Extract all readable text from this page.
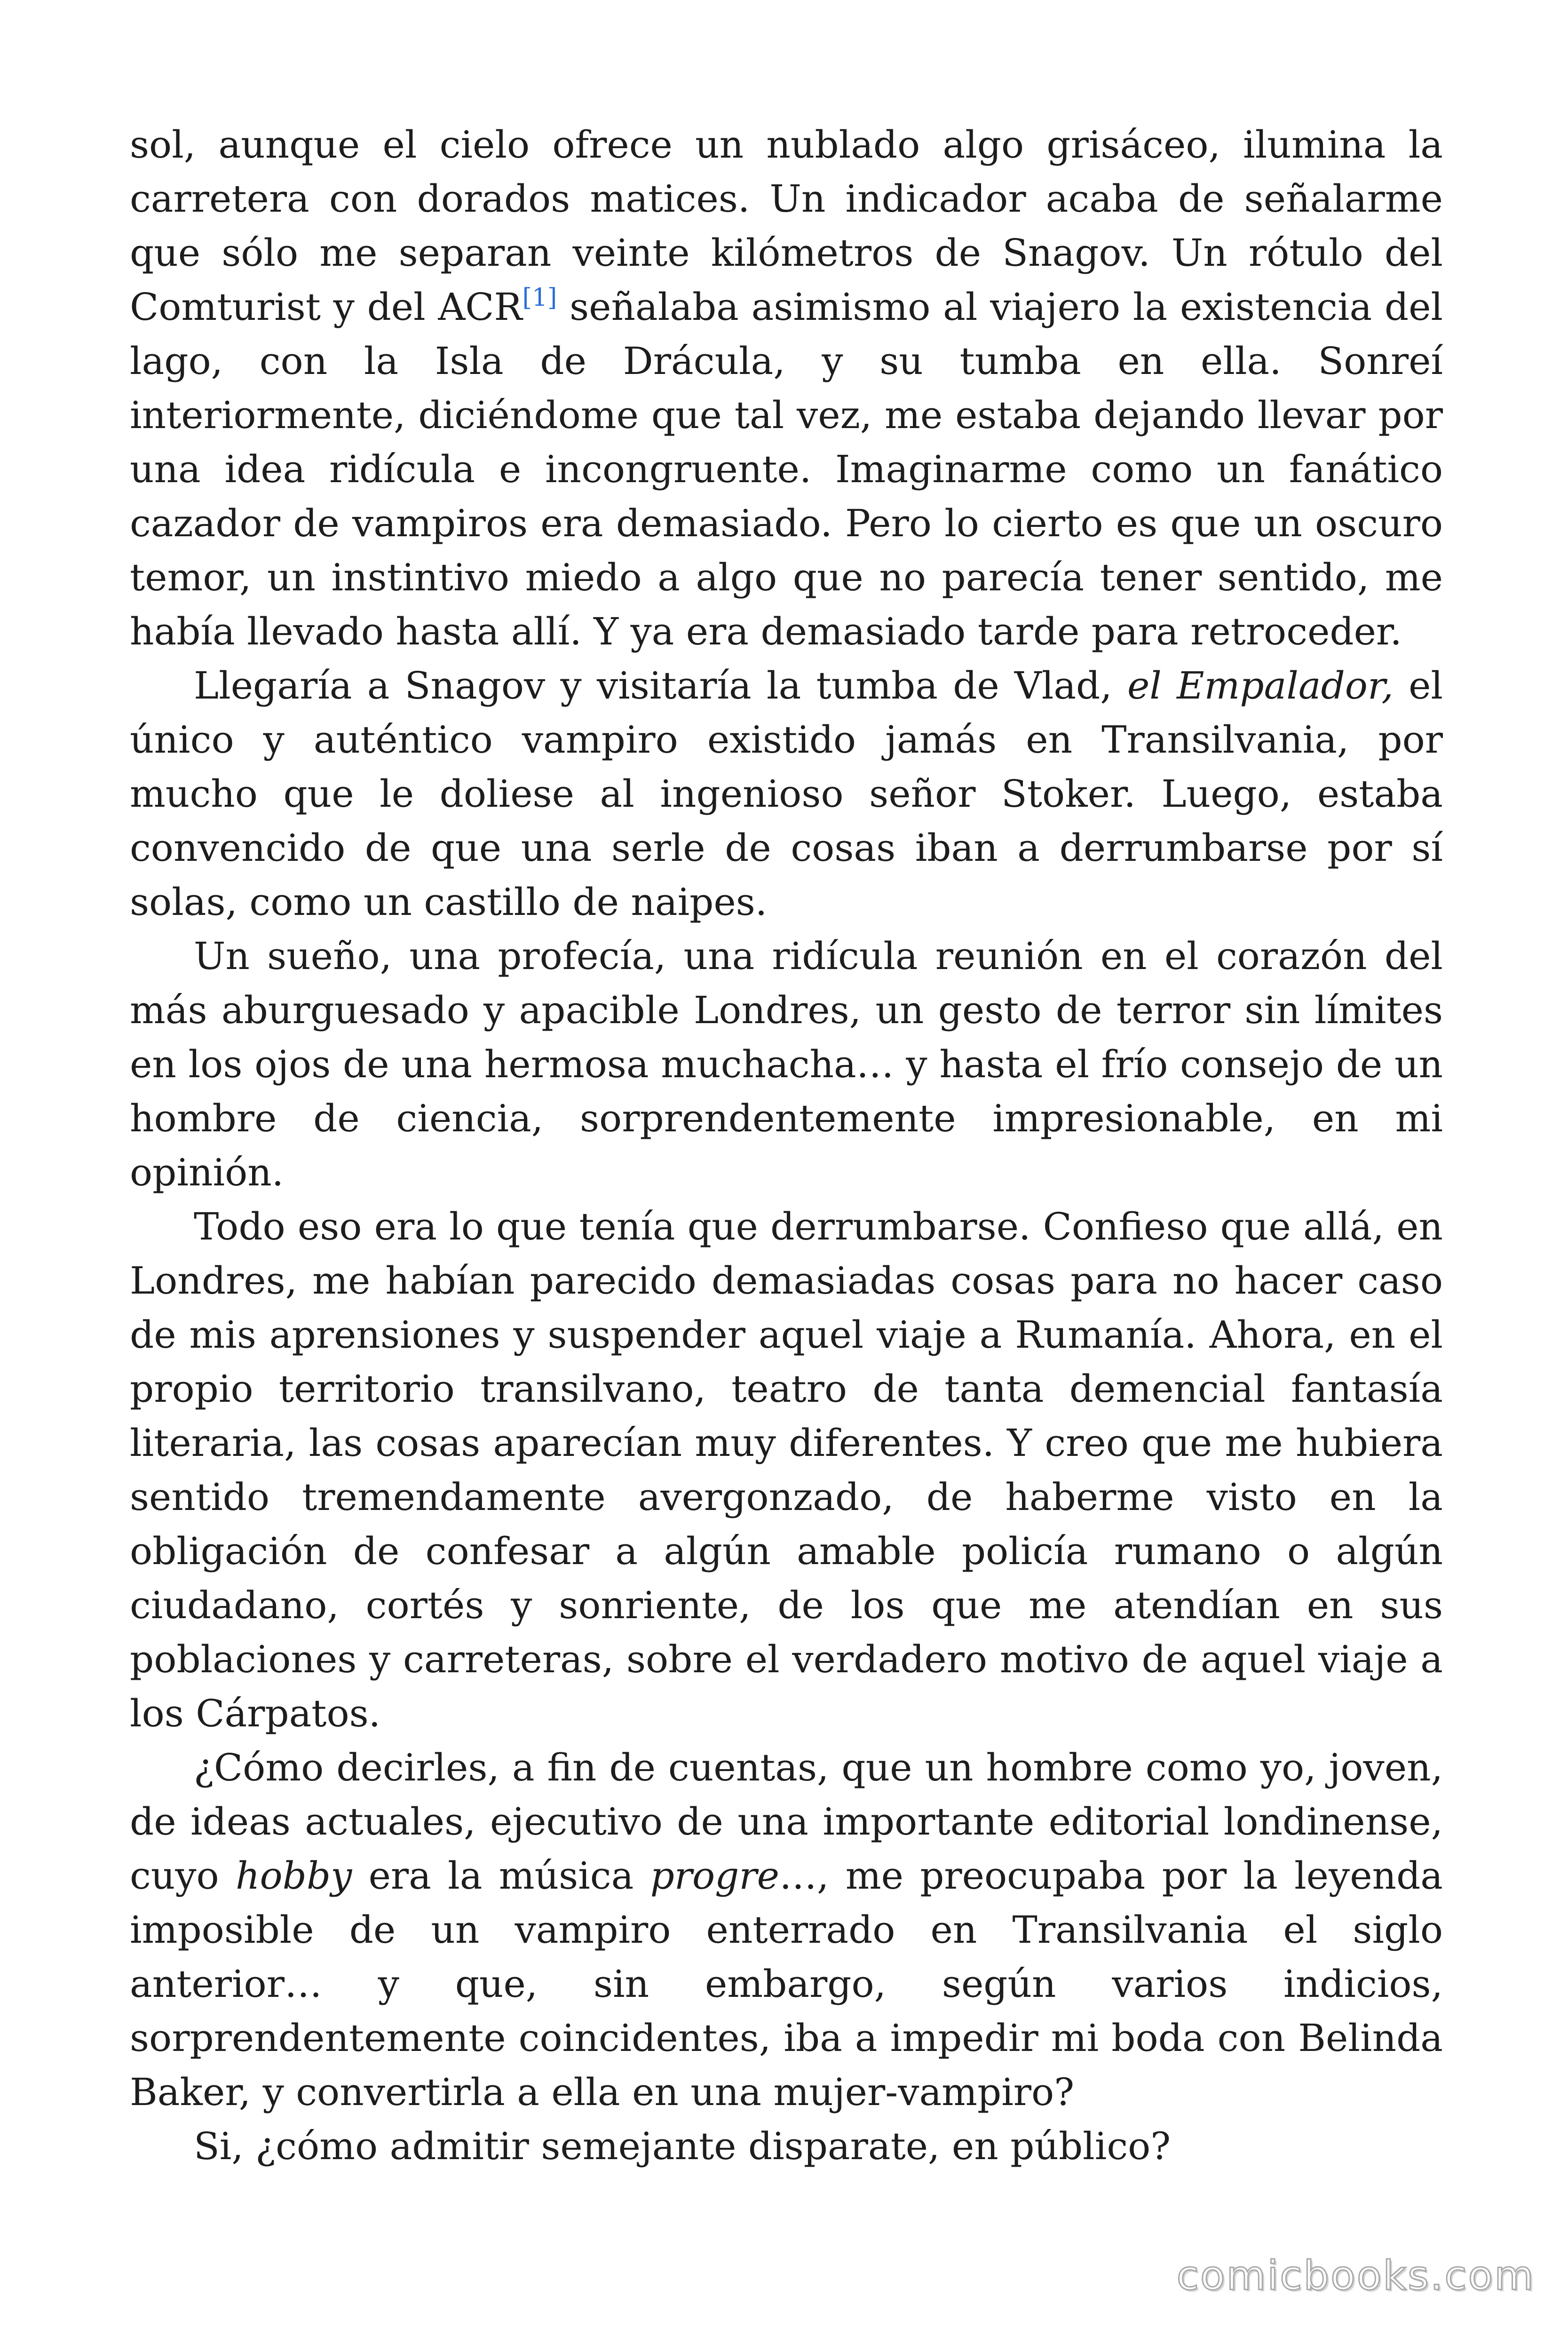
sol, aunque el cielo ofrece un nublado algo grisáceo, ilumina la carretera con dorados matices. Un indicador acaba de señalarme que sólo me separan veinte kilómetros de Snagov. Un rótulo del Comturist y del ACR[1] señalaba asimismo al viajero la existencia del lago, con la Isla de Drácula, y su tumba en ella. Sonreí interiormente, diciéndome que tal vez, me estaba dejando llevar por una idea ridícula e incongruente. Imaginarme como un fanático cazador de vampiros era demasiado. Pero lo cierto es que un oscuro temor, un instintivo miedo a algo que no parecía tener sentido, me había llevado hasta allí. Y ya era demasiado tarde para retroceder.

Llegaría a Snagov y visitaría la tumba de Vlad, el Empalador, el único y auténtico vampiro existido jamás en Transilvania, por mucho que le doliese al ingenioso señor Stoker. Luego, estaba convencido de que una serle de cosas iban a derrumbarse por sí solas, como un castillo de naipes.

Un sueño, una profecía, una ridícula reunión en el corazón del más aburguesado y apacible Londres, un gesto de terror sin límites en los ojos de una hermosa muchacha… y hasta el frío consejo de un hombre de ciencia, sorprendentemente impresionable, en mi opinión.

Todo eso era lo que tenía que derrumbarse. Confieso que allá, en Londres, me habían parecido demasiadas cosas para no hacer caso de mis aprensiones y suspender aquel viaje a Rumanía. Ahora, en el propio territorio transilvano, teatro de tanta demencial fantasía literaria, las cosas aparecían muy diferentes. Y creo que me hubiera sentido tremendamente avergonzado, de haberme visto en la obligación de confesar a algún amable policía rumano o algún ciudadano, cortés y sonriente, de los que me atendían en sus poblaciones y carreteras, sobre el verdadero motivo de aquel viaje a los Cárpatos.

¿Cómo decirles, a fin de cuentas, que un hombre como yo, joven, de ideas actuales, ejecutivo de una importante editorial londinense, cuyo hobby era la música progre…, me preocupaba por la leyenda imposible de un vampiro enterrado en Transilvania el siglo anterior… y que, sin embargo, según varios indicios, sorprendentemente coincidentes, iba a impedir mi boda con Belinda Baker, y convertirla a ella en una mujer-vampiro?

Si, ¿cómo admitir semejante disparate, en público?

comicbooks.com
